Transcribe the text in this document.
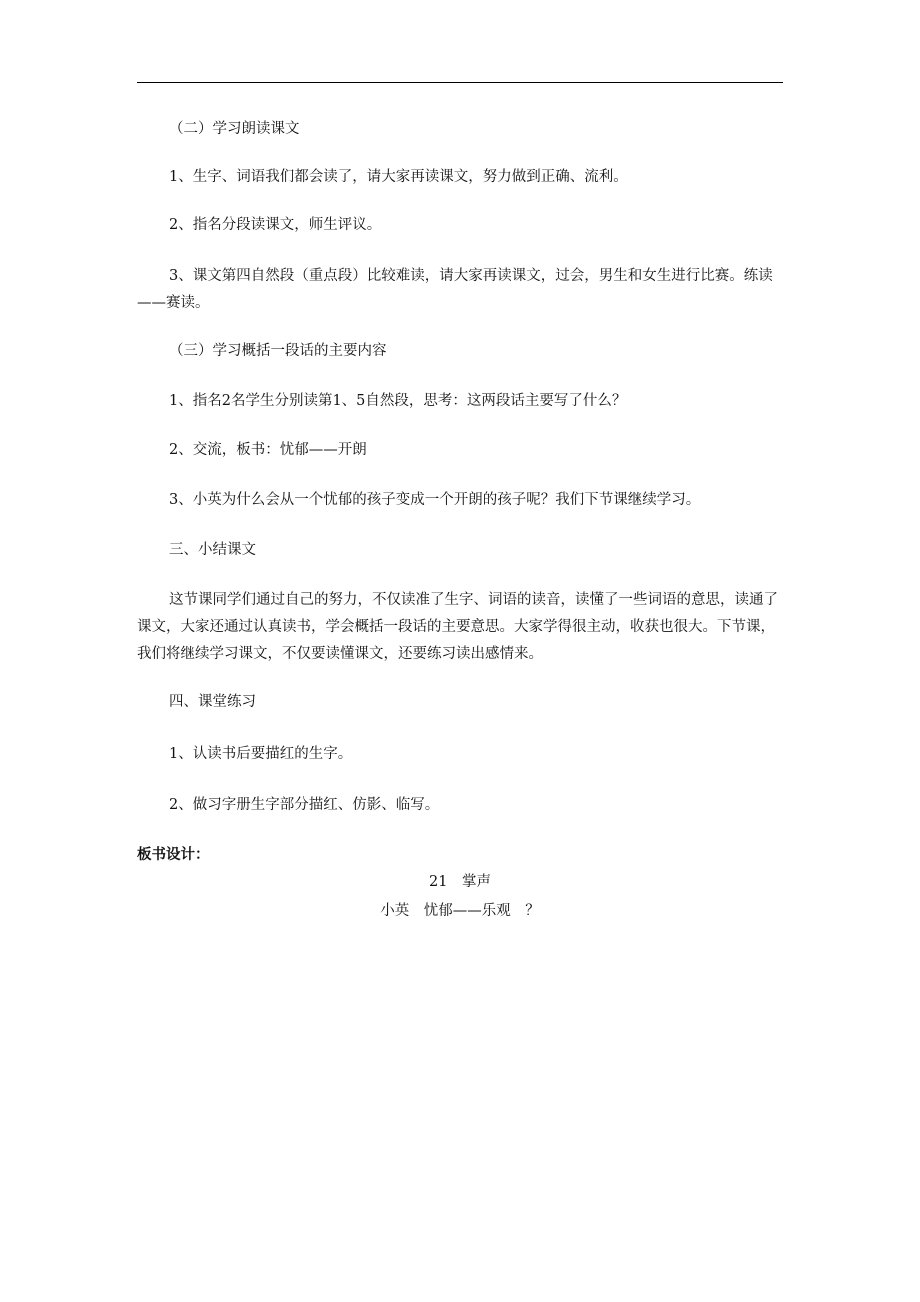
（二）学习朗读课文
1、生字、词语我们都会读了，请大家再读课文，努力做到正确、流利。
2、指名分段读课文，师生评议。
3、课文第四自然段（重点段）比较难读，请大家再读课文，过会，男生和女生进行比赛。练读——赛读。
（三）学习概括一段话的主要内容
1、指名2名学生分别读第1、5自然段，思考：这两段话主要写了什么？
2、交流，板书：忧郁——开朗
3、小英为什么会从一个忧郁的孩子变成一个开朗的孩子呢？我们下节课继续学习。
三、小结课文
这节课同学们通过自己的努力，不仅读准了生字、词语的读音，读懂了一些词语的意思，读通了课文，大家还通过认真读书，学会概括一段话的主要意思。大家学得很主动，收获也很大。下节课，我们将继续学习课文，不仅要读懂课文，还要练习读出感情来。
四、课堂练习
1、认读书后要描红的生字。
2、做习字册生字部分描红、仿影、临写。
板书设计：
21　掌声
小英　忧郁——乐观　？
